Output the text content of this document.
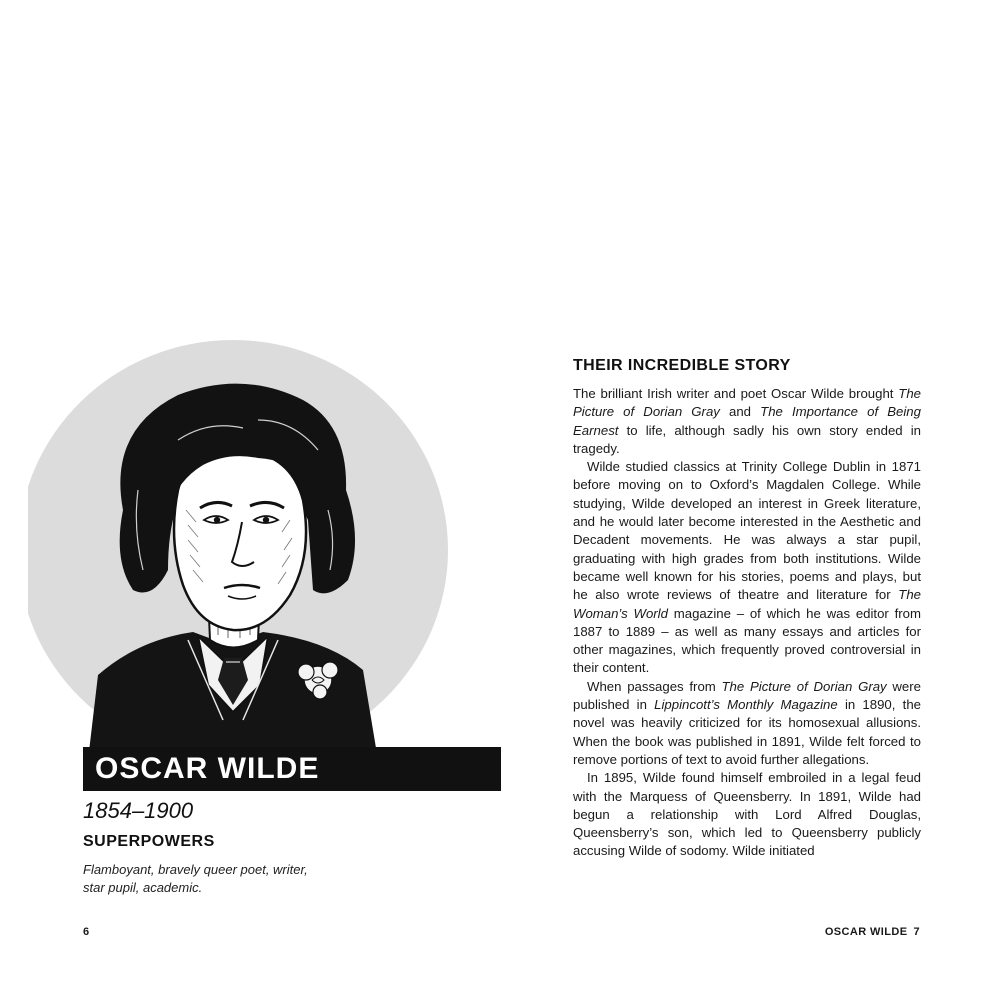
OSCAR WILDE
1854–1900
SUPERPOWERS
Flamboyant, bravely queer poet, writer, star pupil, academic.
6
THEIR INCREDIBLE STORY

The brilliant Irish writer and poet Oscar Wilde brought The Picture of Dorian Gray and The Importance of Being Earnest to life, although sadly his own story ended in tragedy.

Wilde studied classics at Trinity College Dublin in 1871 before moving on to Oxford’s Magdalen College. While studying, Wilde developed an interest in Greek literature, and he would later become interested in the Aesthetic and Decadent movements. He was always a star pupil, graduating with high grades from both institutions. Wilde became well known for his stories, poems and plays, but he also wrote reviews of theatre and literature for The Woman’s World magazine – of which he was editor from 1887 to 1889 – as well as many essays and articles for other magazines, which frequently proved controversial in their content.

When passages from The Picture of Dorian Gray were published in Lippincott’s Monthly Magazine in 1890, the novel was heavily criticized for its homosexual allusions. When the book was published in 1891, Wilde felt forced to remove portions of text to avoid further allegations.

In 1895, Wilde found himself embroiled in a legal feud with the Marquess of Queensberry. In 1891, Wilde had begun a relationship with Lord Alfred Douglas, Queensberry’s son, which led to Queensberry publicly accusing Wilde of sodomy. Wilde initiated

OSCAR WILDE 7
